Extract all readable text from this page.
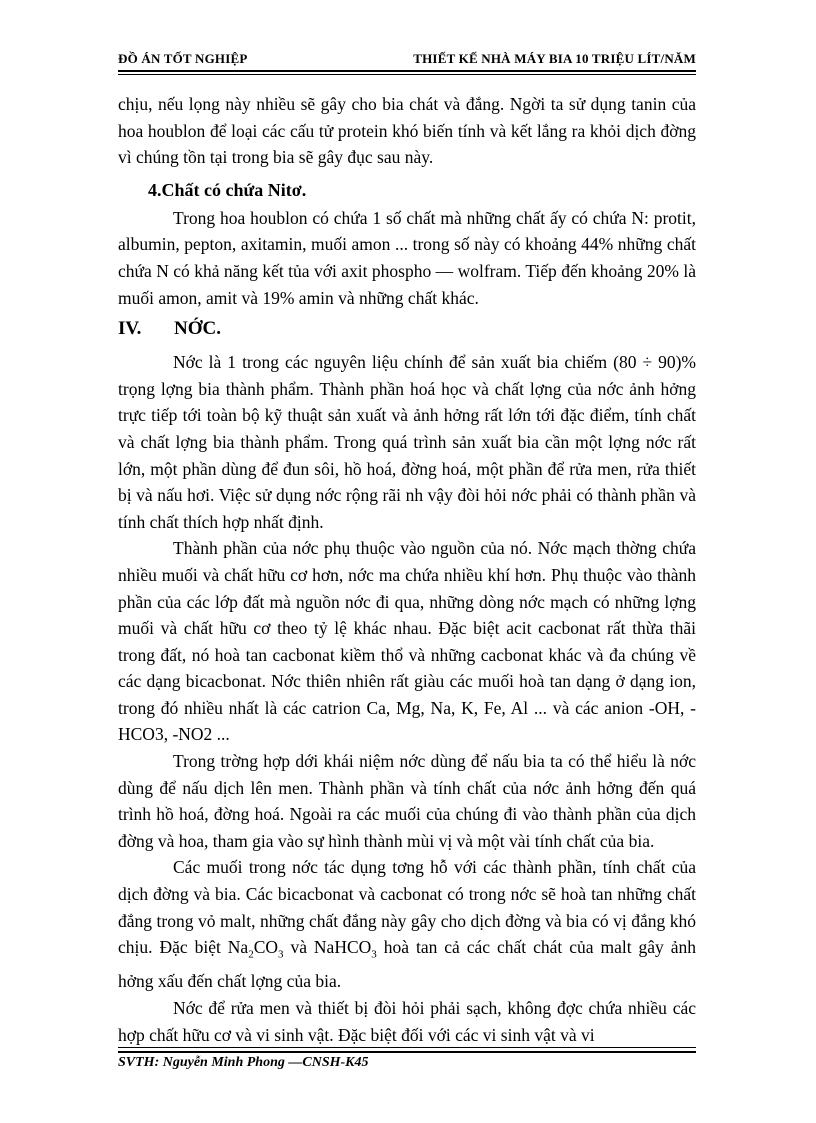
ĐỒ ÁN TỐT NGHIỆP	THIẾT KẾ NHÀ MÁY BIA 10 TRIỆU LÍT/NĂM

chịu, nếu lọng này nhiều sẽ gây cho bia chát và đắng. Ngời ta sử dụng tanin của hoa houblon để loại các cấu tử protein khó biến tính và kết lắng ra khỏi dịch đờng vì chúng tồn tại trong bia sẽ gây đục sau này.

4.Chất có chứa Nitơ.

Trong hoa houblon có chứa 1 số chất mà những chất ấy có chứa N: protit, albumin, pepton, axitamin, muối amon ... trong số này có khoảng 44% những chất chứa N có khả năng kết tủa với axit phospho — wolfram. Tiếp đến khoảng 20% là muối amon, amit và 19% amin và những chất khác.

IV. NỚC.

Nớc là 1 trong các nguyên liệu chính để sản xuất bia chiếm (80 ÷ 90)% trọng lợng bia thành phẩm. Thành phần hoá học và chất lợng của nớc ảnh hởng trực tiếp tới toàn bộ kỹ thuật sản xuất và ảnh hởng rất lớn tới đặc điểm, tính chất và chất lợng bia thành phẩm. Trong quá trình sản xuất bia cần một lợng nớc rất lớn, một phần dùng để đun sôi, hồ hoá, đờng hoá, một phần để rửa men, rửa thiết bị và nấu hơi. Việc sử dụng nớc rộng rãi nh vậy đòi hỏi nớc phải có thành phần và tính chất thích hợp nhất định.

Thành phần của nớc phụ thuộc vào nguồn của nó. Nớc mạch thờng chứa nhiều muối và chất hữu cơ hơn, nớc ma chứa nhiều khí hơn. Phụ thuộc vào thành phần của các lớp đất mà nguồn nớc đi qua, những dòng nớc mạch có những lợng muối và chất hữu cơ theo tỷ lệ khác nhau. Đặc biệt acit cacbonat rất thừa thãi trong đất, nó hoà tan cacbonat kiềm thổ và những cacbonat khác và đa chúng về các dạng bicacbonat. Nớc thiên nhiên rất giàu các muối hoà tan dạng ở dạng ion, trong đó nhiều nhất là các catrion Ca, Mg, Na, K, Fe, Al ... và các anion -OH, -HCO3, -NO2 ...

Trong trờng hợp dới khái niệm nớc dùng để nấu bia ta có thể hiểu là nớc dùng để nấu dịch lên men. Thành phần và tính chất của nớc ảnh hởng đến quá trình hồ hoá, đờng hoá. Ngoài ra các muối của chúng đi vào thành phần của dịch đờng và hoa, tham gia vào sự hình thành mùi vị và một vài tính chất của bia.

Các muối trong nớc tác dụng tơng hỗ với các thành phần, tính chất của dịch đờng và bia. Các bicacbonat và cacbonat có trong nớc sẽ hoà tan những chất đắng trong vỏ malt, những chất đắng này gây cho dịch đờng và bia có vị đắng khó chịu. Đặc biệt $Na_2CO_3$ và NaHCO$_3$ hoà tan cả các chất chát của malt gây ảnh hởng xấu đến chất lợng của bia.

Nớc để rửa men và thiết bị đòi hỏi phải sạch, không đợc chứa nhiều các hợp chất hữu cơ và vi sinh vật. Đặc biệt đối với các vi sinh vật và vi

SVTH: Nguyễn Minh Phong —CNSH-K45
